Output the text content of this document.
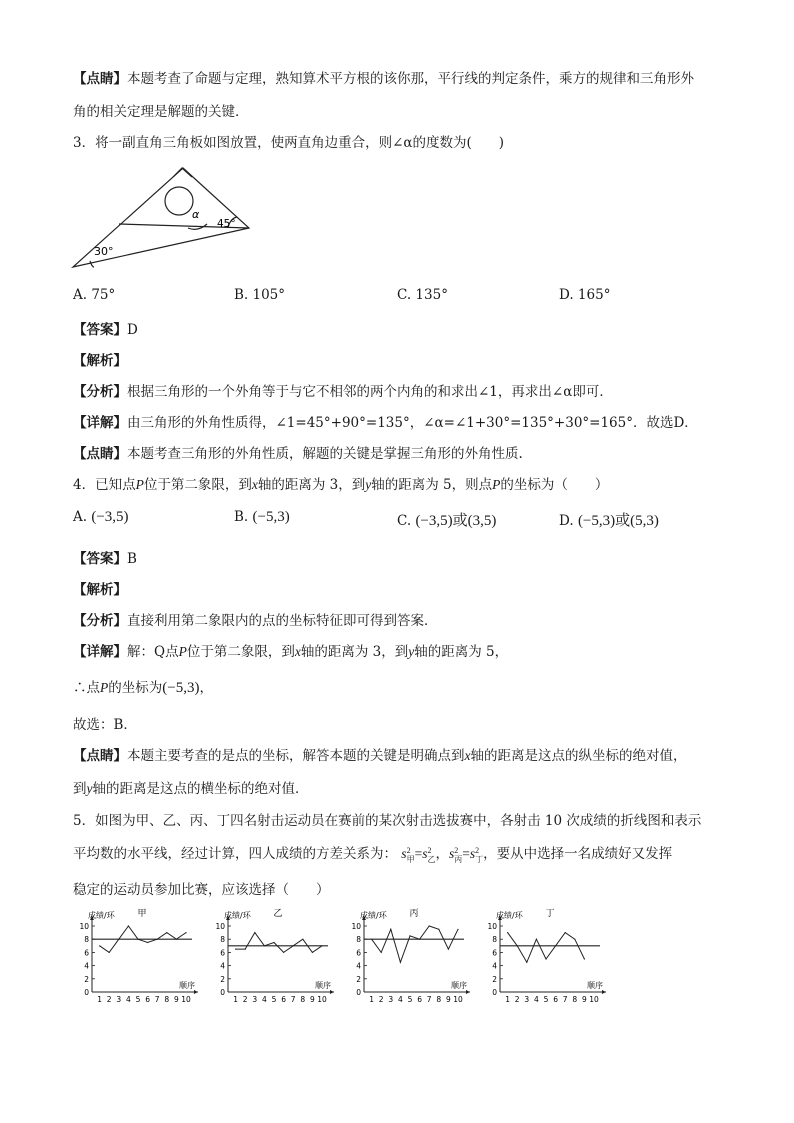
【点睛】本题考查了命题与定理，熟知算术平方根的该你那，平行线的判定条件，乘方的规律和三角形外
角的相关定理是解题的关键．
3．将一副直角三角板如图放置，使两直角边重合，则∠α的度数为(　　)
α
45°
30°
A. 75°	B. 105°	C. 135°	D. 165°
【答案】D
【解析】
【分析】根据三角形的一个外角等于与它不相邻的两个内角的和求出∠1，再求出∠α即可．
【详解】由三角形的外角性质得，∠1=45°+90°=135°，∠α=∠1+30°=135°+30°=165°．故选D．
【点睛】本题考查三角形的外角性质，解题的关键是掌握三角形的外角性质.
4．已知点P位于第二象限，到x轴的距离为 3，到y轴的距离为 5，则点P的坐标为（　　）
A. (−3,5)	B. (−5,3)	C. (−3,5)或(3,5)	D. (−5,3)或(5,3)
【答案】B
【解析】
【分析】直接利用第二象限内的点的坐标特征即可得到答案．
【详解】解：Q点P位于第二象限，到x轴的距离为 3，到y轴的距离为 5，
∴点P的坐标为(−5,3)，
故选：B．
【点睛】本题主要考查的是点的坐标，解答本题的关键是明确点到x轴的距离是这点的纵坐标的绝对值，
到y轴的距离是这点的横坐标的绝对值．
5．如图为甲、乙、丙、丁四名射击运动员在赛前的某次射击选拔赛中，各射击 10 次成绩的折线图和表示
平均数的水平线，经过计算，四人成绩的方差关系为： s 2
甲 =s 2
乙 ，s 2
丙 =s 2
丁 ，要从中选择一名成绩好又发挥
稳定的运动员参加比赛，应该选择（　　）
0
2
4
6
8
10
1 2 3 4 5 6 7 8 9 10
成绩/环	甲
顺序
0
2
4
6
8
10
1 2 3 4 5 6 7 8 9 10
成绩/环	乙
顺序
0
2
4
6
8
10
1 2 3 4 5 6 7 8 9 10
成绩/环	丙
顺序
0
2
4
6
8
10
1 2 3 4 5 6 7 8 9 10
成绩/环	丁
顺序
